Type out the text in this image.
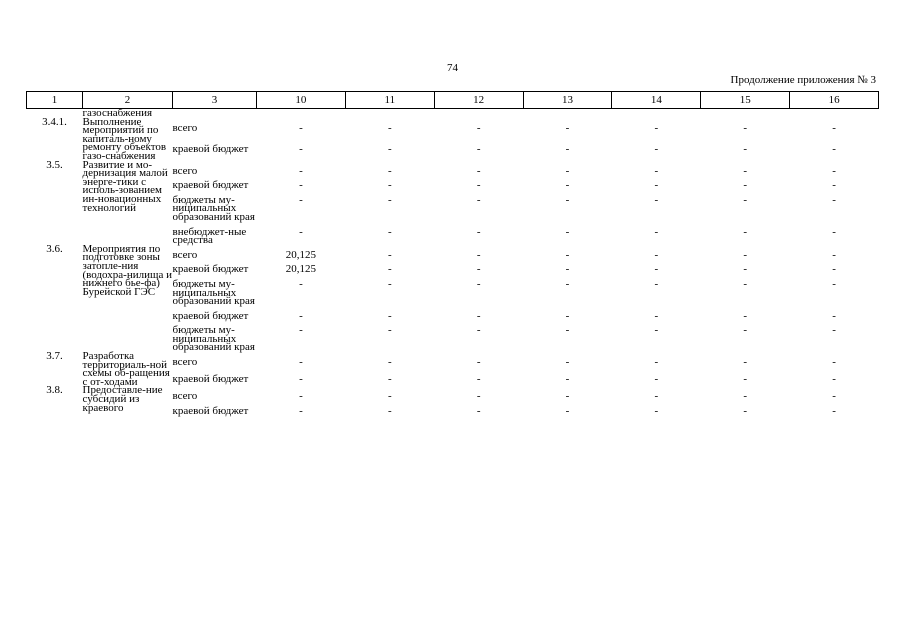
74
Продолжение приложения № 3
1	2	3	10	11	12	13	14	15	16
	газоснабжения								
3.4.1.	Выполнение мероприятий по капиталь-ному ремонту объектов газо-снабжения	всего	-	-	-	-	-	-	-
		краевой бюджет	-	-	-	-	-	-	-
3.5.	Развитие и мо-дернизация малой энерге-тики с исполь-зованием ин-новационных технологий	всего	-	-	-	-	-	-	-
		краевой бюджет	-	-	-	-	-	-	-
		бюджеты му-ниципальных образований края	-	-	-	-	-	-	-
		внебюджет-ные средства	-	-	-	-	-	-	-
3.6.	Мероприятия по подготовке зоны затопле-ния (водохра-нилища и нижнего бье-фа) Бурейской ГЭС	всего	20,125	-	-	-	-	-	-
		краевой бюджет	20,125	-	-	-	-	-	-
		бюджеты му-ниципальных образований края	-	-	-	-	-	-	-
		краевой бюджет	-	-	-	-	-	-	-
		бюджеты му-ниципальных образований края	-	-	-	-	-	-	-
3.7.	Разработка территориаль-ной схемы об-ращения с от-ходами	всего	-	-	-	-	-	-	-
		краевой бюджет	-	-	-	-	-	-	-
3.8.	Предоставле-ние субсидий из краевого	всего	-	-	-	-	-	-	-
		краевой бюджет	-	-	-	-	-	-	-
